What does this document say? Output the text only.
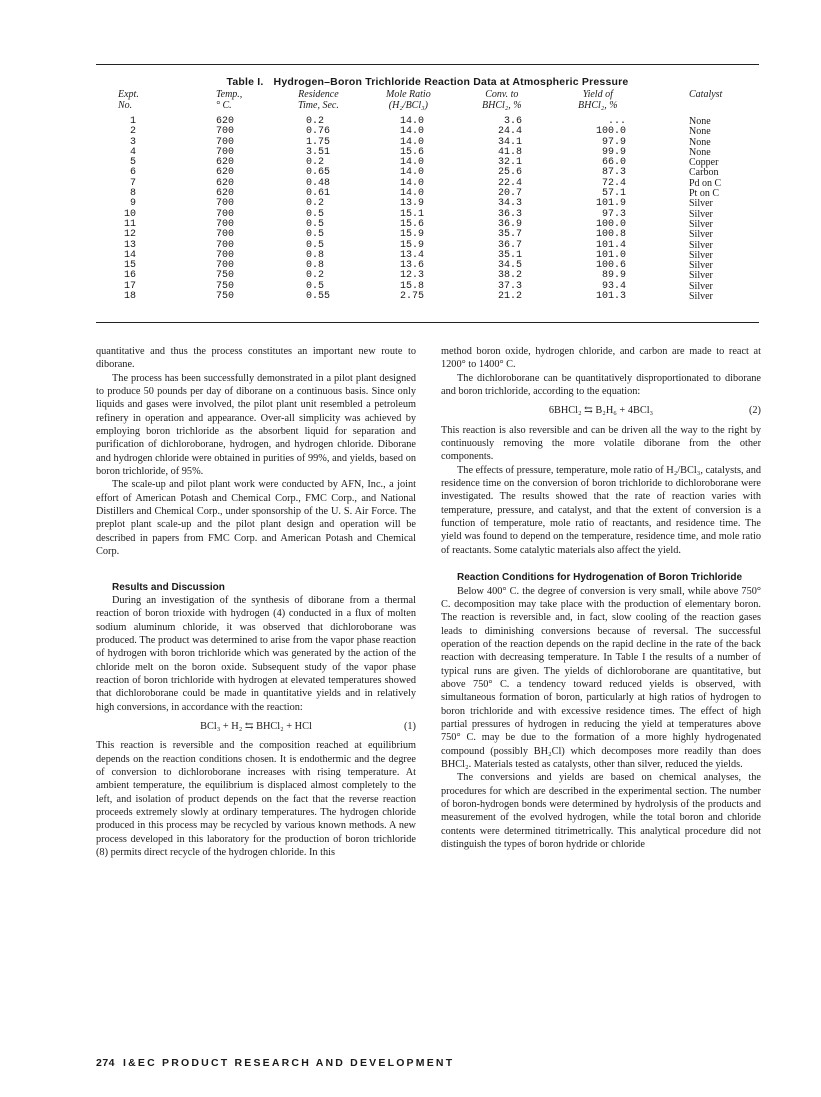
Table I. Hydrogen–Boron Trichloride Reaction Data at Atmospheric Pressure
Expt.
No.
Temp.,
° C.
Residence
Time, Sec.
Mole Ratio
(H₂/BCl₃)
Conv. to
BHCl₂, %
Yield of
BHCl₂, %
Catalyst
1
2
3
4
5
6
7
8
9
10
11
12
13
14
15
16
17
18
620
700
700
700
620
620
620
620
700
700
700
700
700
700
700
750
750
750
0.2
0.76
1.75
3.51
0.2
0.65
0.48
0.61
0.2
0.5
0.5
0.5
0.5
0.8
0.8
0.2
0.5
0.55
14.0
14.0
14.0
15.6
14.0
14.0
14.0
14.0
13.9
15.1
15.6
15.9
15.9
13.4
13.6
12.3
15.8
2.75
3.6
24.4
34.1
41.8
32.1
25.6
22.4
20.7
34.3
36.3
36.9
35.7
36.7
35.1
34.5
38.2
37.3
21.2
...
100.0
97.9
99.9
66.0
87.3
72.4
57.1
101.9
97.3
100.0
100.8
101.4
101.0
100.6
89.9
93.4
101.3
None
None
None
None
Copper
Carbon
Pd on C
Pt on C
Silver
Silver
Silver
Silver
Silver
Silver
Silver
Silver
Silver
Silver

quantitative and thus the process constitutes an important new route to diborane.

The process has been successfully demonstrated in a pilot plant designed to produce 50 pounds per day of diborane on a continuous basis. Since only liquids and gases were involved, the pilot plant unit resembled a petroleum refinery in operation and appearance. Over-all simplicity was achieved by employing boron trichloride as the absorbent liquid for separation and purification of dichloroborane, hydrogen, and hydrogen chloride. Diborane and hydrogen chloride were obtained in purities of 99%, and yields, based on boron trichloride, of 95%.

The scale-up and pilot plant work were conducted by AFN, Inc., a joint effort of American Potash and Chemical Corp., FMC Corp., and National Distillers and Chemical Corp., under sponsorship of the U. S. Air Force. The preplot plant scale-up and the pilot plant design and operation will be described in papers from FMC Corp. and American Potash and Chemical Corp.

Results and Discussion

During an investigation of the synthesis of diborane from a thermal reaction of boron trioxide with hydrogen (4) conducted in a flux of molten sodium aluminum chloride, it was observed that dichloroborane was produced. The product was determined to arise from the vapor phase reaction of hydrogen with boron trichloride which was generated by the action of the chloride melt on the boron oxide. Subsequent study of the vapor phase reaction of boron trichloride with hydrogen at elevated temperatures showed that dichloroborane could be made in quantitative yields and in relatively high conversions, in accordance with the reaction:

BCl₃ + H₂ ⇆ BHCl₂ + HCl	(1)

This reaction is reversible and the composition reached at equilibrium depends on the reaction conditions chosen. It is endothermic and the degree of conversion to dichloroborane increases with rising temperature. At ambient temperature, the equilibrium is displaced almost completely to the left, and isolation of product depends on the fact that the reverse reaction proceeds extremely slowly at ordinary temperatures. The hydrogen chloride produced in this process may be recycled by various known methods. A new process developed in this laboratory for the production of boron trichloride (8) permits direct recycle of the hydrogen chloride. In this

method boron oxide, hydrogen chloride, and carbon are made to react at 1200° to 1400° C.

The dichloroborane can be quantitatively disproportionated to diborane and boron trichloride, according to the equation:

6BHCl₂ ⇆ B₂H₆ + 4BCl₃	(2)

This reaction is also reversible and can be driven all the way to the right by continuously removing the more volatile diborane from the other components.

The effects of pressure, temperature, mole ratio of H₂/BCl₃, catalysts, and residence time on the conversion of boron trichloride to dichloroborane were investigated. The results showed that the rate of reaction varies with temperature, pressure, and catalyst, and that the extent of conversion is a function of temperature, mole ratio of reactants, and residence time. The yield was found to depend on the temperature, residence time, and mole ratio of reactants. Some catalytic materials also affect the yield.

Reaction Conditions for Hydrogenation of Boron Trichloride

Below 400° C. the degree of conversion is very small, while above 750° C. decomposition may take place with the production of elementary boron. The reaction is reversible and, in fact, slow cooling of the reaction gases leads to diminishing conversions because of reversal. The successful operation of the reaction depends on the rapid decline in the rate of the back reaction with decreasing temperature. In Table I the results of a number of typical runs are given. The yields of dichloroborane are quantitative, but above 750° C. a tendency toward reduced yields is observed, with simultaneous formation of boron, particularly at high ratios of hydrogen to boron trichloride and with excessive residence times. The effect of high partial pressures of hydrogen in reducing the yield at temperatures above 750° C. may be due to the formation of a more highly hydrogenated compound (possibly BH₂Cl) which decomposes more readily than does BHCl₂. Materials tested as catalysts, other than silver, reduced the yields.

The conversions and yields are based on chemical analyses, the procedures for which are described in the experimental section. The number of boron-hydrogen bonds were determined by hydrolysis of the products and measurement of the evolved hydrogen, while the total boron and chloride contents were determined titrimetrically. This analytical procedure did not distinguish the types of boron hydride or chloride

274 I&EC PRODUCT RESEARCH AND DEVELOPMENT
